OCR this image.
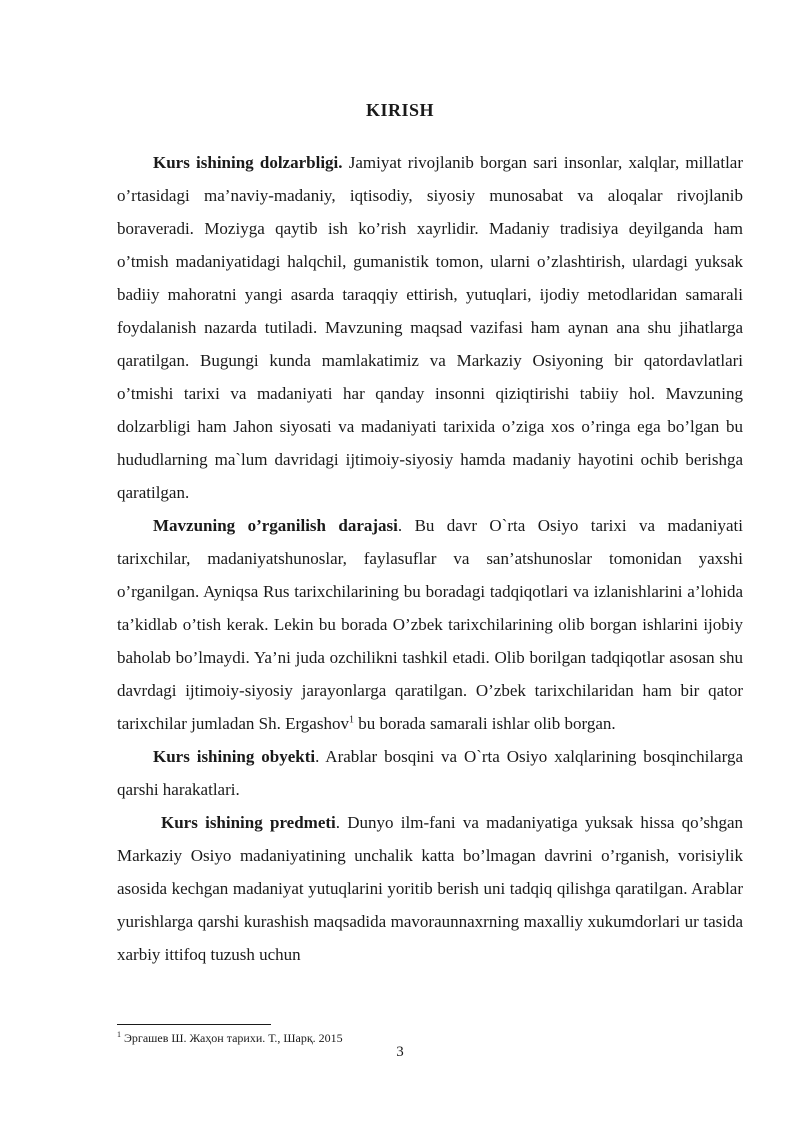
KIRISH

Kurs ishining dolzarbligi. Jamiyat rivojlanib borgan sari insonlar, xalqlar, millatlar o’rtasidagi ma’naviy-madaniy, iqtisodiy, siyosiy munosabat va aloqalar rivojlanib boraveradi. Moziyga qaytib ish ko’rish xayrlidir. Madaniy tradisiya deyilganda ham o’tmish madaniyatidagi halqchil, gumanistik tomon, ularni o’zlashtirish, ulardagi yuksak badiiy mahoratni yangi asarda taraqqiy ettirish, yutuqlari, ijodiy metodlaridan samarali foydalanish nazarda tutiladi. Mavzuning maqsad vazifasi ham aynan ana shu jihatlarga qaratilgan. Bugungi kunda mamlakatimiz va Markaziy Osiyoning bir qatordavlatlari o’tmishi tarixi va madaniyati har qanday insonni qiziqtirishi tabiiy hol. Mavzuning dolzarbligi ham Jahon siyosati va madaniyati tarixida o’ziga xos o’ringa ega bo’lgan bu hududlarning ma`lum davridagi ijtimoiy-siyosiy hamda madaniy hayotini ochib berishga qaratilgan.

Mavzuning o’rganilish darajasi. Bu davr O`rta Osiyo tarixi va madaniyati tarixchilar, madaniyatshunoslar, faylasuflar va san’atshunoslar tomonidan yaxshi o’rganilgan. Ayniqsa Rus tarixchilarining bu boradagi tadqiqotlari va izlanishlarini a’lohida ta’kidlab o’tish kerak. Lekin bu borada O’zbek tarixchilarining olib borgan ishlarini ijobiy baholab bo’lmaydi. Ya’ni juda ozchilikni tashkil etadi. Olib borilgan tadqiqotlar asosan shu davrdagi ijtimoiy-siyosiy jarayonlarga qaratilgan. O’zbek tarixchilaridan ham bir qator tarixchilar jumladan Sh. Ergashov$^1$ bu borada samarali ishlar olib borgan.

Kurs ishining obyekti. Arablar bosqini va O`rta Osiyo xalqlarining bosqinchilarga qarshi harakatlari.

Kurs ishining predmeti. Dunyo ilm-fani va madaniyatiga yuksak hissa qo’shgan Markaziy Osiyo madaniyatining unchalik katta bo’lmagan davrini o’rganish, vorisiylik asosida kechgan madaniyat yutuqlarini yoritib berish uni tadqiq qilishga qaratilgan. Arablar yurishlarga qarshi kurashish maqsadida mavoraunnaxrning maxalliy xukumdorlari ur tasida xarbiy ittifoq tuzush uchun

$^1$ Эргашев Ш. Жаҳон тарихи. Т., Шарқ. 2015
3
